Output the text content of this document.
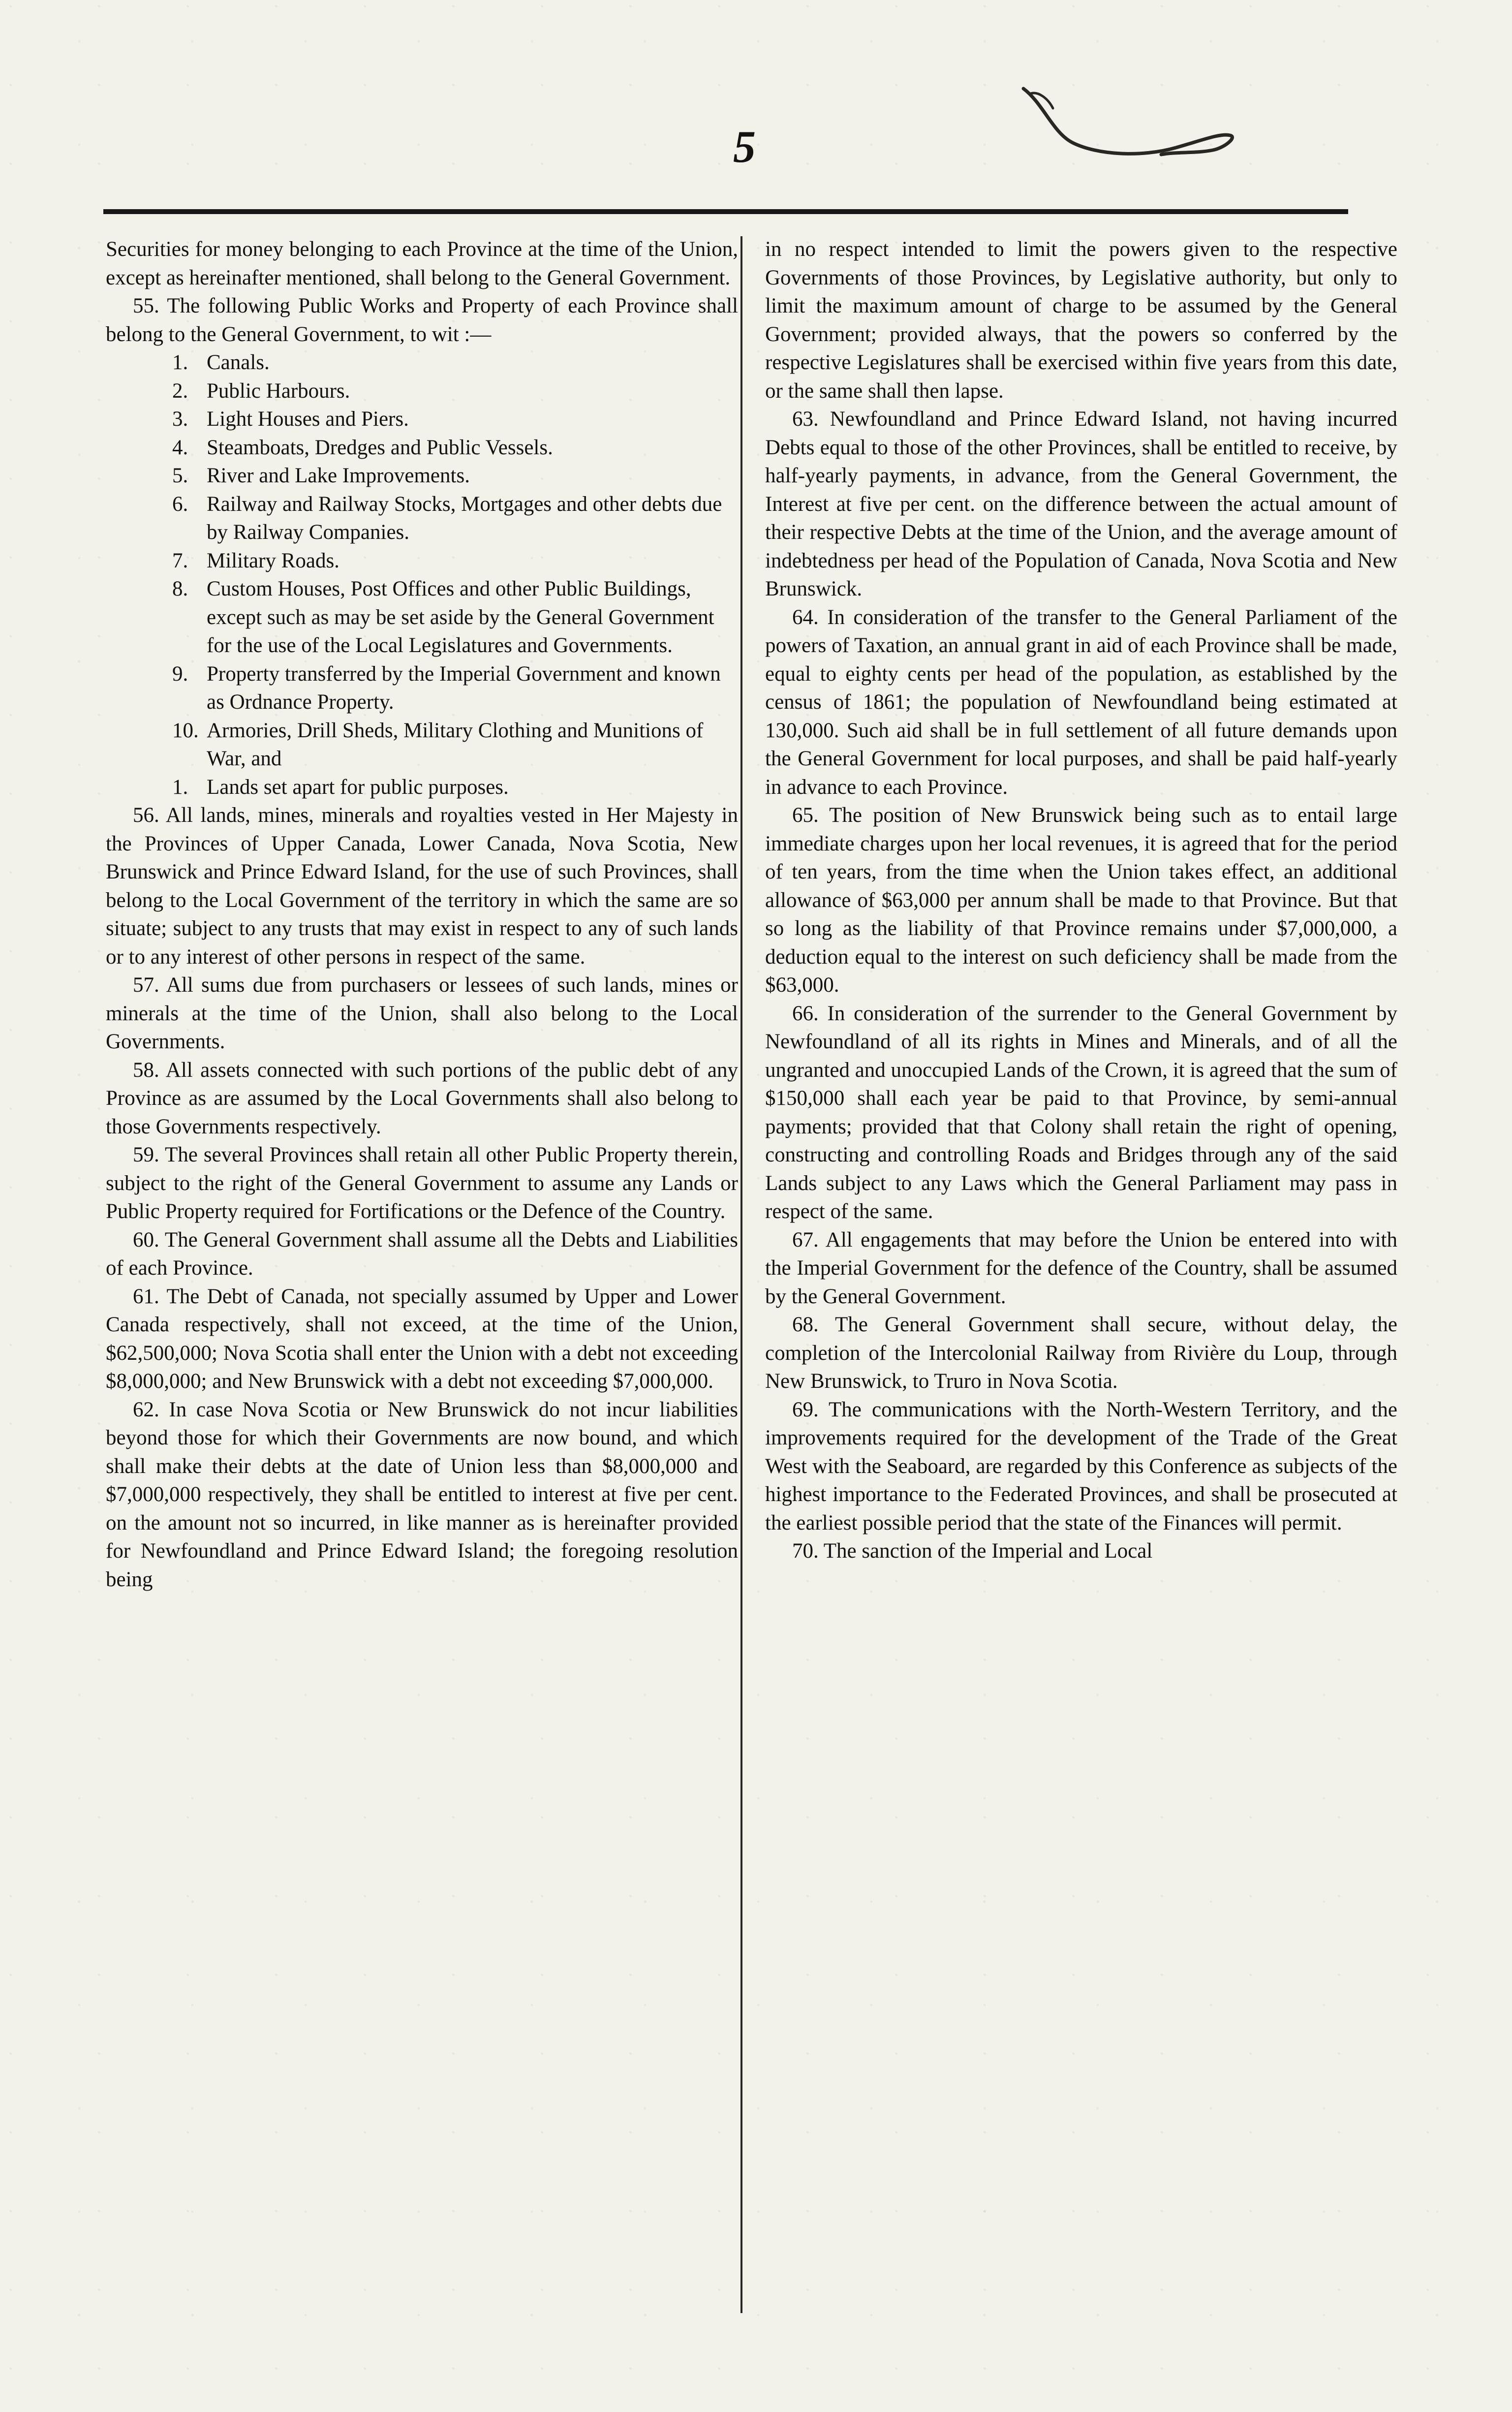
5

Securities for money belonging to each Province at the time of the Union, except as hereinafter mentioned, shall belong to the General Government.

55. The following Public Works and Property of each Province shall belong to the General Government, to wit :—

1. Canals.

2. Public Harbours.

3. Light Houses and Piers.

4. Steamboats, Dredges and Public Vessels.

5. River and Lake Improvements.

6. Railway and Railway Stocks, Mortgages and other debts due by Railway Companies.

7. Military Roads.

8. Custom Houses, Post Offices and other Public Buildings, except such as may be set aside by the General Government for the use of the Local Legislatures and Governments.

9. Property transferred by the Imperial Government and known as Ordnance Property.

10. Armories, Drill Sheds, Military Clothing and Munitions of War, and

1. Lands set apart for public purposes.

56. All lands, mines, minerals and royalties vested in Her Majesty in the Provinces of Upper Canada, Lower Canada, Nova Scotia, New Brunswick and Prince Edward Island, for the use of such Provinces, shall belong to the Local Government of the territory in which the same are so situate; subject to any trusts that may exist in respect to any of such lands or to any interest of other persons in respect of the same.

57. All sums due from purchasers or lessees of such lands, mines or minerals at the time of the Union, shall also belong to the Local Governments.

58. All assets connected with such portions of the public debt of any Province as are assumed by the Local Governments shall also belong to those Governments respectively.

59. The several Provinces shall retain all other Public Property therein, subject to the right of the General Government to assume any Lands or Public Property required for Fortifications or the Defence of the Country.

60. The General Government shall assume all the Debts and Liabilities of each Province.

61. The Debt of Canada, not specially assumed by Upper and Lower Canada respectively, shall not exceed, at the time of the Union, $62,500,000; Nova Scotia shall enter the Union with a debt not exceeding $8,000,000; and New Brunswick with a debt not exceeding $7,000,000.

62. In case Nova Scotia or New Brunswick do not incur liabilities beyond those for which their Governments are now bound, and which shall make their debts at the date of Union less than $8,000,000 and $7,000,000 respectively, they shall be entitled to interest at five per cent. on the amount not so incurred, in like manner as is hereinafter provided for Newfoundland and Prince Edward Island; the foregoing resolution being

in no respect intended to limit the powers given to the respective Governments of those Provinces, by Legislative authority, but only to limit the maximum amount of charge to be assumed by the General Government; provided always, that the powers so conferred by the respective Legislatures shall be exercised within five years from this date, or the same shall then lapse.

63. Newfoundland and Prince Edward Island, not having incurred Debts equal to those of the other Provinces, shall be entitled to receive, by half-yearly payments, in advance, from the General Government, the Interest at five per cent. on the difference between the actual amount of their respective Debts at the time of the Union, and the average amount of indebtedness per head of the Population of Canada, Nova Scotia and New Brunswick.

64. In consideration of the transfer to the General Parliament of the powers of Taxation, an annual grant in aid of each Province shall be made, equal to eighty cents per head of the population, as established by the census of 1861; the population of Newfoundland being estimated at 130,000. Such aid shall be in full settlement of all future demands upon the General Government for local purposes, and shall be paid half-yearly in advance to each Province.

65. The position of New Brunswick being such as to entail large immediate charges upon her local revenues, it is agreed that for the period of ten years, from the time when the Union takes effect, an additional allowance of $63,000 per annum shall be made to that Province. But that so long as the liability of that Province remains under $7,000,000, a deduction equal to the interest on such deficiency shall be made from the $63,000.

66. In consideration of the surrender to the General Government by Newfoundland of all its rights in Mines and Minerals, and of all the ungranted and unoccupied Lands of the Crown, it is agreed that the sum of $150,000 shall each year be paid to that Province, by semi-annual payments; provided that that Colony shall retain the right of opening, constructing and controlling Roads and Bridges through any of the said Lands subject to any Laws which the General Parliament may pass in respect of the same.

67. All engagements that may before the Union be entered into with the Imperial Government for the defence of the Country, shall be assumed by the General Government.

68. The General Government shall secure, without delay, the completion of the Intercolonial Railway from Rivière du Loup, through New Brunswick, to Truro in Nova Scotia.

69. The communications with the North-Western Territory, and the improvements required for the development of the Trade of the Great West with the Seaboard, are regarded by this Conference as subjects of the highest importance to the Federated Provinces, and shall be prosecuted at the earliest possible period that the state of the Finances will permit.

70. The sanction of the Imperial and Local
